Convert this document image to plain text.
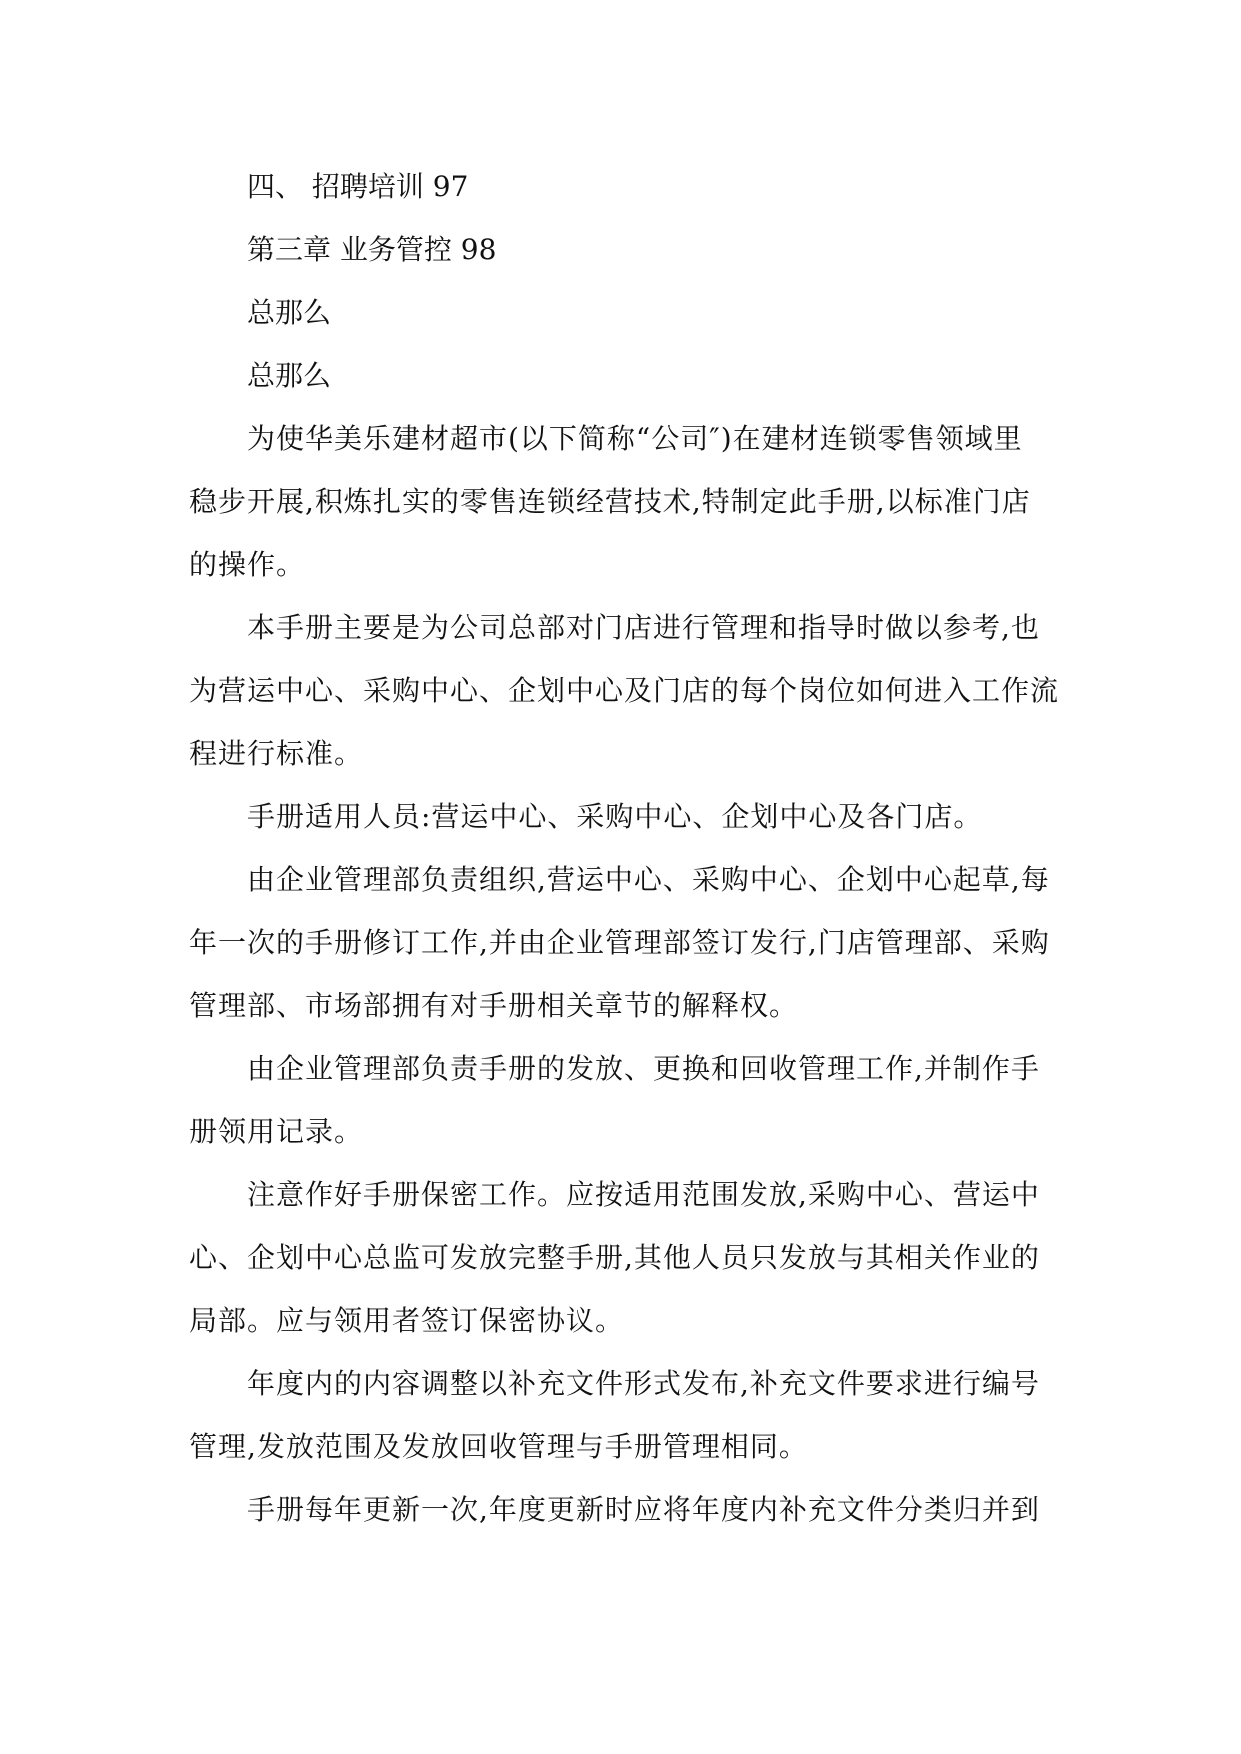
四、 招聘培训 97
第三章 业务管控 98
总那么
总那么
为使华美乐建材超市(以下简称“公司″)在建材连锁零售领域里
稳步开展,积炼扎实的零售连锁经营技术,特制定此手册,以标准门店
的操作。
本手册主要是为公司总部对门店进行管理和指导时做以参考,也
为营运中心、采购中心、企划中心及门店的每个岗位如何进入工作流
程进行标准。
手册适用人员:营运中心、采购中心、企划中心及各门店。
由企业管理部负责组织,营运中心、采购中心、企划中心起草,每
年一次的手册修订工作,并由企业管理部签订发行,门店管理部、采购
管理部、市场部拥有对手册相关章节的解释权。
由企业管理部负责手册的发放、更换和回收管理工作,并制作手
册领用记录。
注意作好手册保密工作。应按适用范围发放,采购中心、营运中
心、企划中心总监可发放完整手册,其他人员只发放与其相关作业的
局部。应与领用者签订保密协议。
年度内的内容调整以补充文件形式发布,补充文件要求进行编号
管理,发放范围及发放回收管理与手册管理相同。
手册每年更新一次,年度更新时应将年度内补充文件分类归并到
